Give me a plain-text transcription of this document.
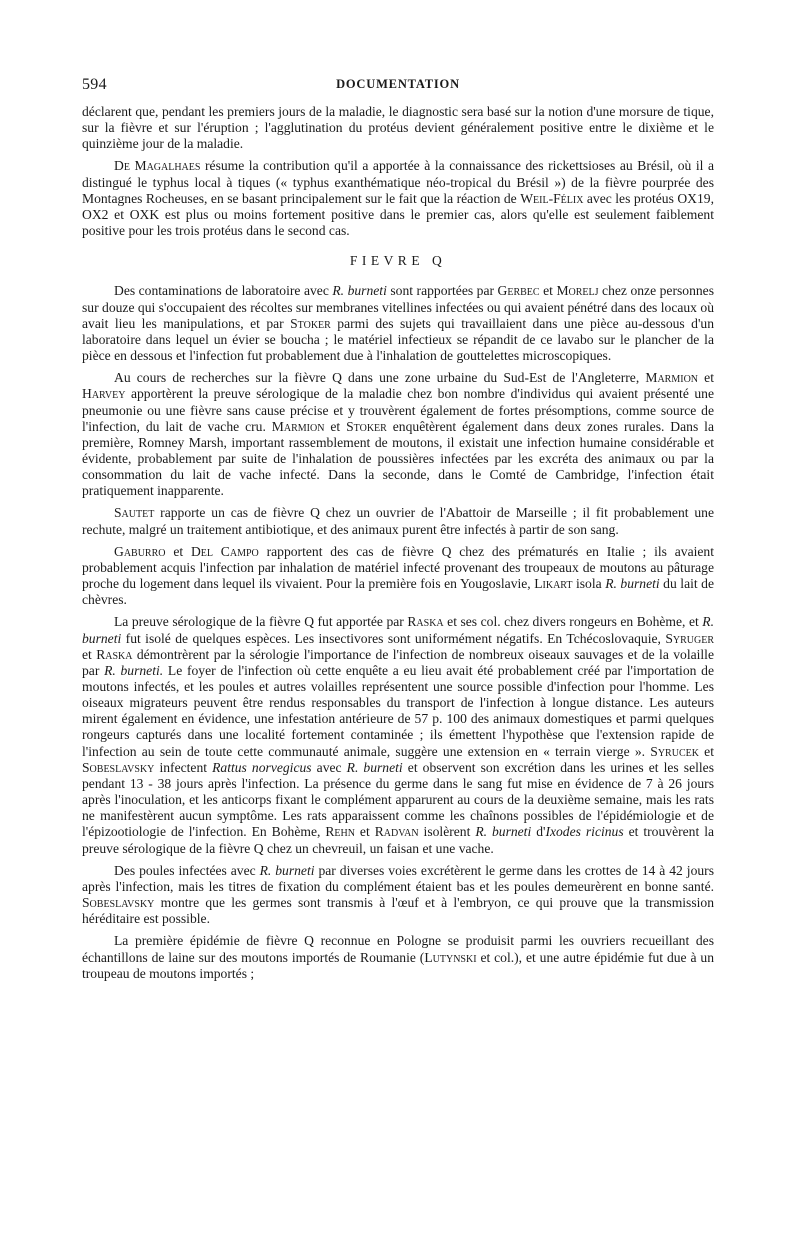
594	DOCUMENTATION

déclarent que, pendant les premiers jours de la maladie, le diagnostic sera basé sur la notion d'une morsure de tique, sur la fièvre et sur l'éruption ; l'agglutination du protéus devient généralement positive entre le dixième et le quinzième jour de la maladie.

De Magalhaes résume la contribution qu'il a apportée à la connaissance des rickettsioses au Brésil, où il a distingué le typhus local à tiques (« typhus exanthématique néo-tropical du Brésil ») de la fièvre pourprée des Montagnes Rocheuses, en se basant principalement sur le fait que la réaction de Weil-Félix avec les protéus OX19, OX2 et OXK est plus ou moins fortement positive dans le premier cas, alors qu'elle est seulement faiblement positive pour les trois protéus dans le second cas.

FIEVRE Q

Des contaminations de laboratoire avec R. burneti sont rapportées par Gerbec et Morelj chez onze personnes sur douze qui s'occupaient des récoltes sur membranes vitellines infectées ou qui avaient pénétré dans des locaux où avait lieu les manipulations, et par Stoker parmi des sujets qui travaillaient dans une pièce au-dessous d'un laboratoire dans lequel un évier se boucha ; le matériel infectieux se répandit de ce lavabo sur le plancher de la pièce en dessous et l'infection fut probablement due à l'inhalation de gouttelettes microscopiques.

Au cours de recherches sur la fièvre Q dans une zone urbaine du Sud-Est de l'Angleterre, Marmion et Harvey apportèrent la preuve sérologique de la maladie chez bon nombre d'individus qui avaient présenté une pneumonie ou une fièvre sans cause précise et y trouvèrent également de fortes présomptions, comme source de l'infection, du lait de vache cru. Marmion et Stoker enquêtèrent également dans deux zones rurales. Dans la première, Romney Marsh, important rassemblement de moutons, il existait une infection humaine considérable et évidente, probablement par suite de l'inhalation de poussières infectées par les excréta des animaux ou par la consommation du lait de vache infecté. Dans la seconde, dans le Comté de Cambridge, l'infection était pratiquement inapparente.

Sautet rapporte un cas de fièvre Q chez un ouvrier de l'Abattoir de Marseille ; il fit probablement une rechute, malgré un traitement antibiotique, et des animaux purent être infectés à partir de son sang.

Gaburro et Del Campo rapportent des cas de fièvre Q chez des prématurés en Italie ; ils avaient probablement acquis l'infection par inhalation de matériel infecté provenant des troupeaux de moutons au pâturage proche du logement dans lequel ils vivaient. Pour la première fois en Yougoslavie, Likart isola R. burneti du lait de chèvres.

La preuve sérologique de la fièvre Q fut apportée par Raska et ses col. chez divers rongeurs en Bohème, et R. burneti fut isolé de quelques espèces. Les insectivores sont uniformément négatifs. En Tchécoslovaquie, Syruger et Raska démontrèrent par la sérologie l'importance de l'infection de nombreux oiseaux sauvages et de la volaille par R. burneti. Le foyer de l'infection où cette enquête a eu lieu avait été probablement créé par l'importation de moutons infectés, et les poules et autres volailles représentent une source possible d'infection pour l'homme. Les oiseaux migrateurs peuvent être rendus responsables du transport de l'infection à longue distance. Les auteurs mirent également en évidence, une infestation antérieure de 57 p. 100 des animaux domestiques et parmi quelques rongeurs capturés dans une localité fortement contaminée ; ils émettent l'hypothèse que l'extension rapide de l'infection au sein de toute cette communauté animale, suggère une extension en « terrain vierge ». Syrucek et Sobeslavsky infectent Rattus norvegicus avec R. burneti et observent son excrétion dans les urines et les selles pendant 13 - 38 jours après l'infection. La présence du germe dans le sang fut mise en évidence de 7 à 26 jours après l'inoculation, et les anticorps fixant le complément apparurent au cours de la deuxième semaine, mais les rats ne manifestèrent aucun symptôme. Les rats apparaissent comme les chaînons possibles de l'épidémiologie et de l'épizootiologie de l'infection. En Bohème, Rehn et Radvan isolèrent R. burneti d'Ixodes ricinus et trouvèrent la preuve sérologique de la fièvre Q chez un chevreuil, un faisan et une vache.

Des poules infectées avec R. burneti par diverses voies excrétèrent le germe dans les crottes de 14 à 42 jours après l'infection, mais les titres de fixation du complément étaient bas et les poules demeurèrent en bonne santé. Sobeslavsky montre que les germes sont transmis à l'œuf et à l'embryon, ce qui prouve que la transmission héréditaire est possible.

La première épidémie de fièvre Q reconnue en Pologne se produisit parmi les ouvriers recueillant des échantillons de laine sur des moutons importés de Roumanie (Lutynski et col.), et une autre épidémie fut due à un troupeau de moutons importés ;
